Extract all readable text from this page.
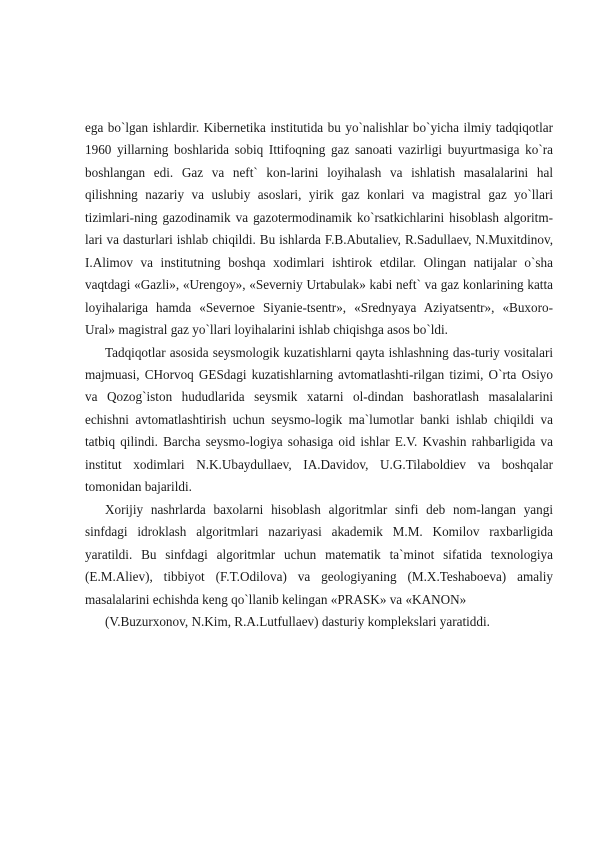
ega bo`lgan ishlardir. Kibernetika institutida bu yo`nalishlar bo`yicha ilmiy tadqiqotlar 1960 yillarning boshlarida sobiq Ittifoqning gaz sanoati vazirligi buyurtmasiga ko`ra boshlangan edi. Gaz va neft` kon-larini loyihalash va ishlatish masalalarini hal qilishning nazariy va uslubiy asoslari, yirik gaz konlari va magistral gaz yo`llari tizimlari-ning gazodinamik va gazotermodinamik ko`rsatkichlarini hisoblash algoritm-lari va dasturlari ishlab chiqildi. Bu ishlarda F.B.Abutaliev, R.Sadullaev, N.Muxitdinov, I.Alimov va institutning boshqa xodimlari ishtirok etdilar. Olingan natijalar o`sha vaqtdagi «Gazli», «Urengoy», «Severniy Urtabulak» kabi neft` va gaz konlarining katta loyihalariga hamda «Severnoe Siyanie-tsentr», «Srednyaya Aziyatsentr», «Buxoro-Ural» magistral gaz yo`llari loyihalarini ishlab chiqishga asos bo`ldi.

Tadqiqotlar asosida seysmologik kuzatishlarni qayta ishlashning das-turiy vositalari majmuasi, CHorvoq GESdagi kuzatishlarning avtomatlashti-rilgan tizimi, O`rta Osiyo va Qozog`iston hududlarida seysmik xatarni ol-dindan bashoratlash masalalarini echishni avtomatlashtirish uchun seysmo-logik ma`lumotlar banki ishlab chiqildi va tatbiq qilindi. Barcha seysmo-logiya sohasiga oid ishlar E.V. Kvashin rahbarligida va institut xodimlari N.K.Ubaydullaev, IA.Davidov, U.G.Tilaboldiev va boshqalar tomonidan bajarildi.

Xorijiy nashrlarda baxolarni hisoblash algoritmlar sinfi deb nom-langan yangi sinfdagi idroklash algoritmlari nazariyasi akademik M.M. Komilov raxbarligida yaratildi. Bu sinfdagi algoritmlar uchun matematik ta`minot sifatida texnologiya (E.M.Aliev), tibbiyot (F.T.Odilova) va geologiyaning (M.X.Teshaboeva) amaliy masalalarini echishda keng qo`llanib kelingan «PRASK» va «KANON»

(V.Buzurxonov, N.Kim, R.A.Lutfullaev) dasturiy komplekslari yaratiddi.
